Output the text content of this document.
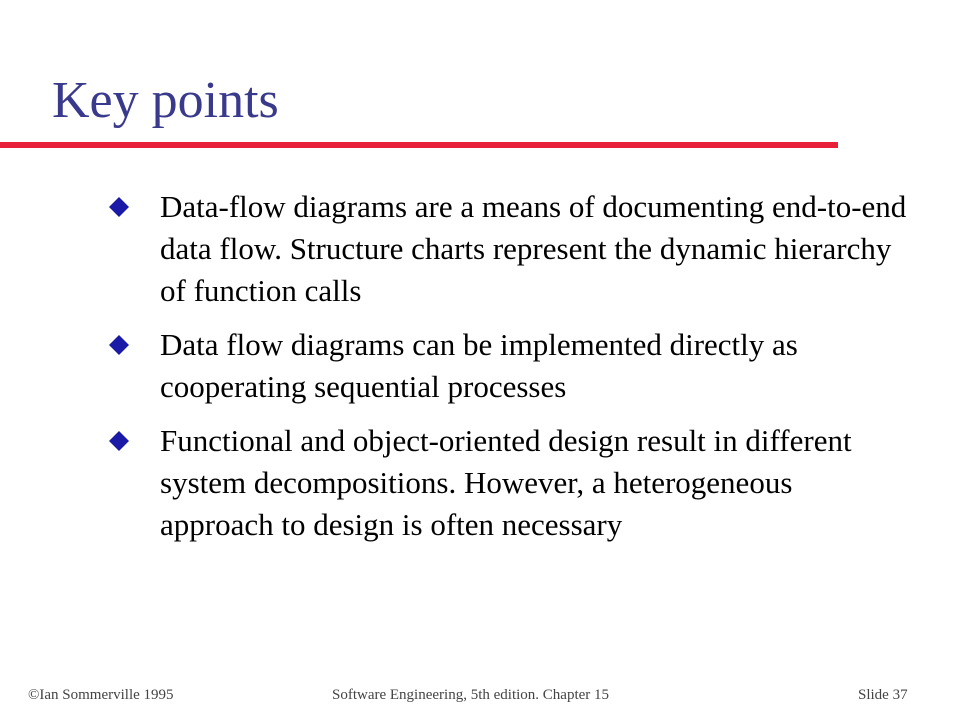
Key points
Data-flow diagrams are a means of documenting end-to-end data flow. Structure charts represent the dynamic hierarchy of function calls
Data flow diagrams can be implemented directly as cooperating sequential processes
Functional and object-oriented design result in different system decompositions. However, a heterogeneous approach to design is often necessary
©Ian Sommerville 1995	Software Engineering, 5th edition. Chapter 15	Slide 37
